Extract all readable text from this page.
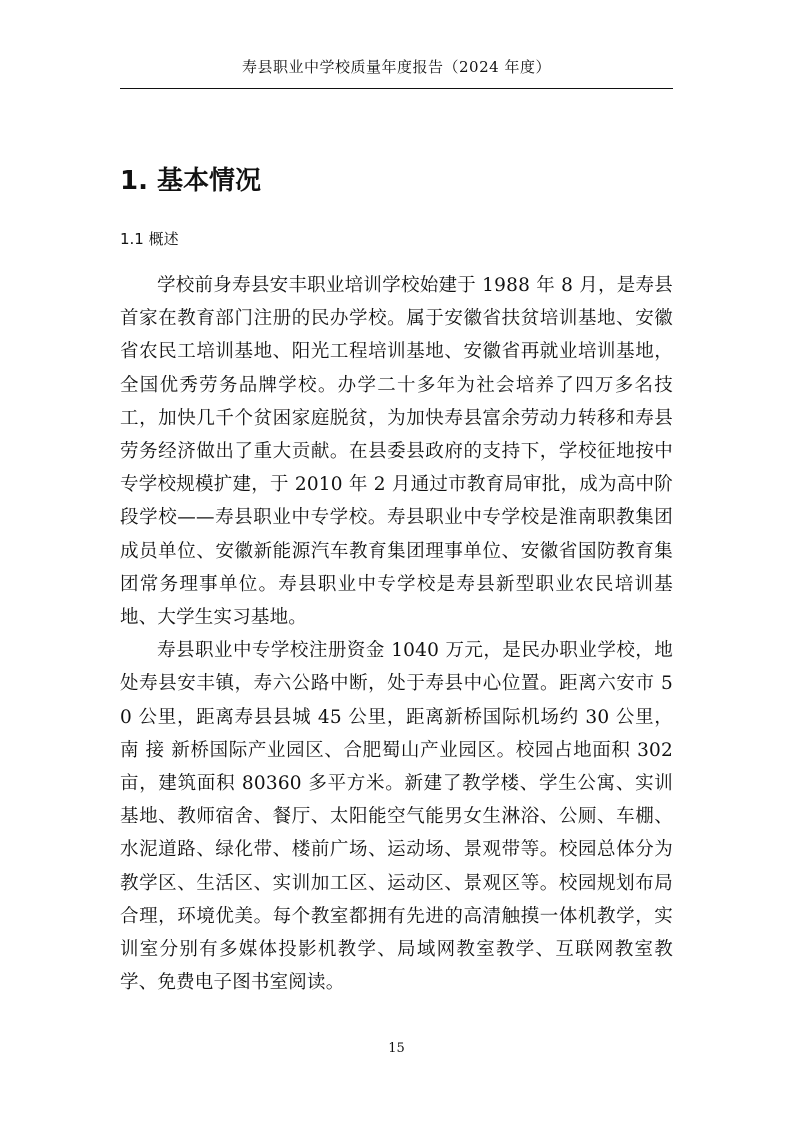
寿县职业中学校质量年度报告（2024 年度）
1. 基本情况
1.1 概述

学校前身寿县安丰职业培训学校始建于 1988 年 8 月，是寿县首家在教育部门注册的民办学校。属于安徽省扶贫培训基地、安徽省农民工培训基地、阳光工程培训基地、安徽省再就业培训基地，全国优秀劳务品牌学校。办学二十多年为社会培养了四万多名技工，加快几千个贫困家庭脱贫，为加快寿县富余劳动力转移和寿县劳务经济做出了重大贡献。在县委县政府的支持下，学校征地按中专学校规模扩建，于 2010 年 2 月通过市教育局审批，成为高中阶段学校——寿县职业中专学校。寿县职业中专学校是淮南职教集团成员单位、安徽新能源汽车教育集团理事单位、安徽省国防教育集团常务理事单位。寿县职业中专学校是寿县新型职业农民培训基地、大学生实习基地。

寿县职业中专学校注册资金 1040 万元，是民办职业学校，地处寿县安丰镇，寿六公路中断，处于寿县中心位置。距离六安市 50 公里，距离寿县县城 45 公里，距离新桥国际机场约 30 公里，南 接 新桥国际产业园区、合肥蜀山产业园区。校园占地面积 302 亩，建筑面积 80360 多平方米。新建了教学楼、学生公寓、实训基地、教师宿舍、餐厅、太阳能空气能男女生淋浴、公厕、车棚、水泥道路、绿化带、楼前广场、运动场、景观带等。校园总体分为教学区、生活区、实训加工区、运动区、景观区等。校园规划布局合理，环境优美。每个教室都拥有先进的高清触摸一体机教学，实训室分别有多媒体投影机教学、局域网教室教学、互联网教室教学、免费电子图书室阅读。

15
